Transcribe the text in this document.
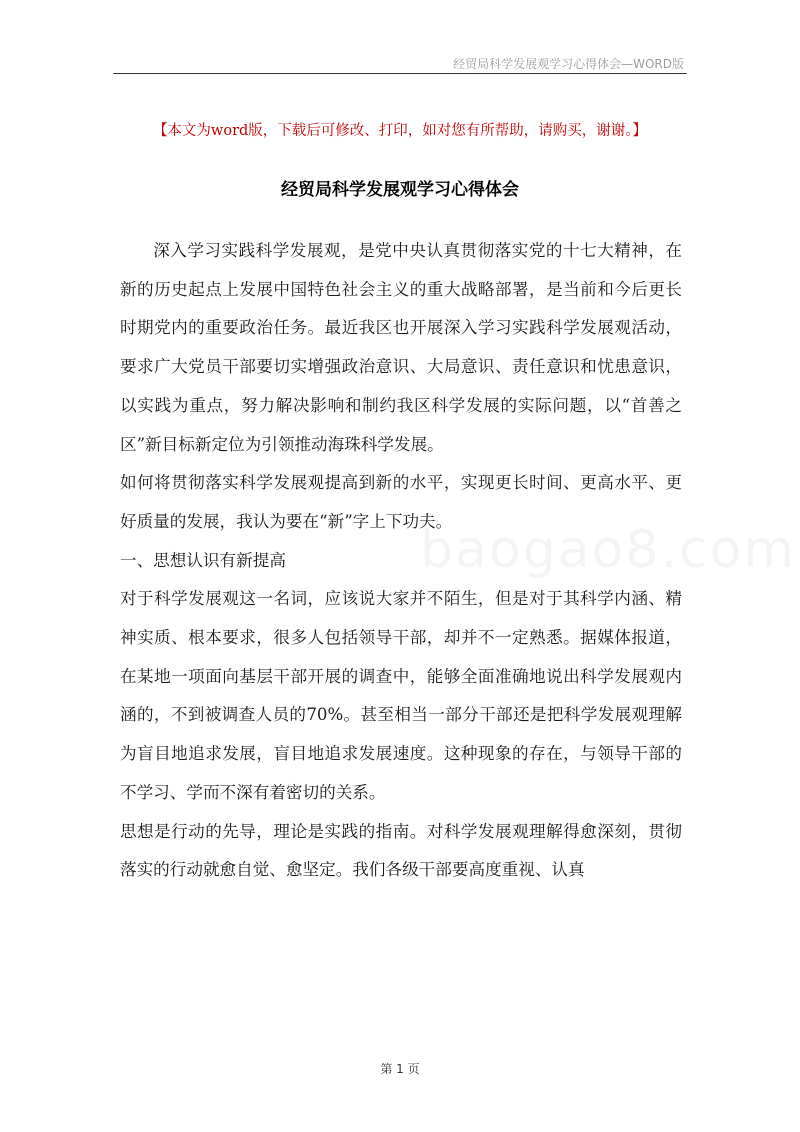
经贸局科学发展观学习心得体会—WORD版
【本文为word版，下载后可修改、打印，如对您有所帮助，请购买，谢谢。】
经贸局科学发展观学习心得体会

深入学习实践科学发展观，是党中央认真贯彻落实党的十七大精神，在新的历史起点上发展中国特色社会主义的重大战略部署，是当前和今后更长时期党内的重要政治任务。最近我区也开展深入学习实践科学发展观活动，要求广大党员干部要切实增强政治意识、大局意识、责任意识和忧患意识，以实践为重点，努力解决影响和制约我区科学发展的实际问题，以“首善之区”新目标新定位为引领推动海珠科学发展。

如何将贯彻落实科学发展观提高到新的水平，实现更长时间、更高水平、更好质量的发展，我认为要在“新”字上下功夫。

一、思想认识有新提高

对于科学发展观这一名词，应该说大家并不陌生，但是对于其科学内涵、精神实质、根本要求，很多人包括领导干部，却并不一定熟悉。据媒体报道，在某地一项面向基层干部开展的调查中，能够全面准确地说出科学发展观内涵的，不到被调查人员的70%。甚至相当一部分干部还是把科学发展观理解为盲目地追求发展，盲目地追求发展速度。这种现象的存在，与领导干部的不学习、学而不深有着密切的关系。

思想是行动的先导，理论是实践的指南。对科学发展观理解得愈深刻，贯彻落实的行动就愈自觉、愈坚定。我们各级干部要高度重视、认真

第 1 页
